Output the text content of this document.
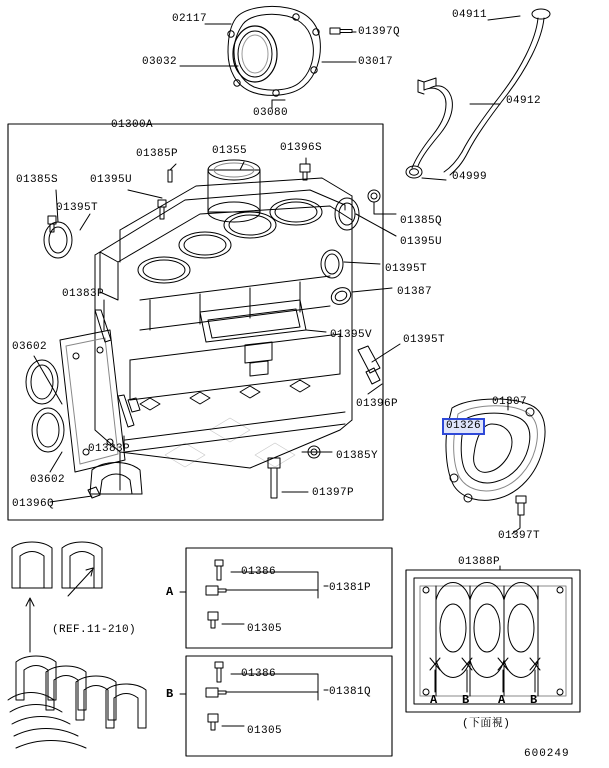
02117
01397Q
04911
03032	03017
04912
03080
01300A
01385P	01355	01396S
04999
01385S	01395U
01395T
01385Q
01395U
01395T
01387
01383P
01395V	01395T
03602
01396P	01307
01326
01383P
01385Y
03602
01396Q
01397P
01397T
01388P
01386
01381P
01305
01386
01381Q
01305
A
B	A B A B
(REF.11-210)
(下面視)
600249
